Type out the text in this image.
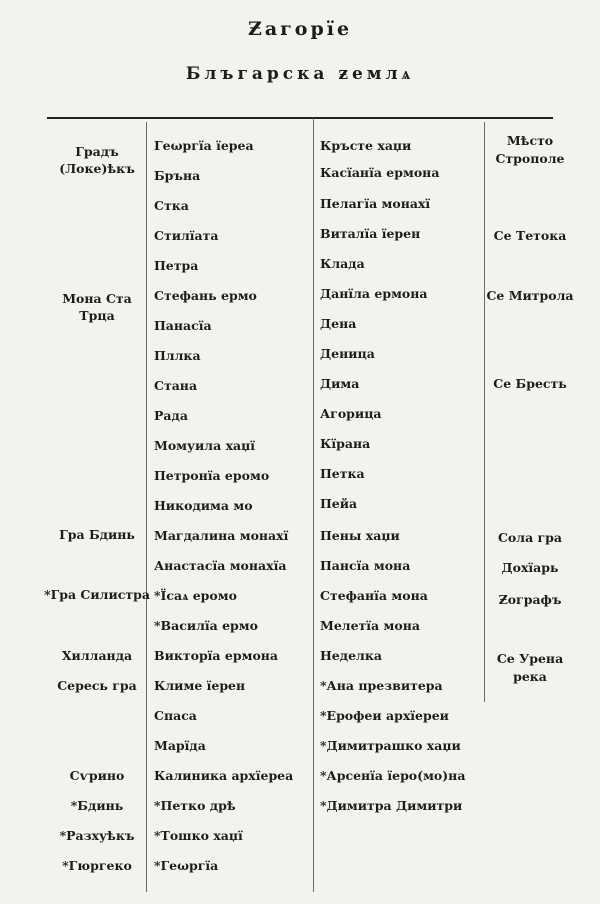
Ƶагорїе
Блъгарска ƶемлѧ
Градъ
(Локе)ѣкъ
Мона Ста
Трца
Гра Бдинь
*Гра Силистра
Хилланда
Сересь гра
Сѵрино
*Бдинь
*Разхуѣкъ
*Гюргеко
Геωргїа їереа
Бръна
Стка
Стилїата
Петра
Стефань ермо
Панасїа
Пллка
Стана
Рада
Момуила хаџї
Петронїа еромо
Никодима мо
Магдалина монахї
Анастасїа монахїа
*Їсаѧ еромо
*Василїа ермо
Викторїа ермона
Климе їерен
Спаса
Марїда
Калиника архїереа
*Петко дрѣ
*Тошко хаџї
*Геωргїа
Кръсте хаџи
Касїанїа ермона
Пелагїа монахї
Виталїа їерен
Клада
Данїла ермона
Дена
Деница
Дима
Агорица
Кїрана
Петка
Пейа
Пены хаџи
Пансїа мона
Стефанїа мона
Мелетїа мона
Неделка
*Ана презвитера
*Ерофеи архїереи
*Димитрашко хаџи
*Арсенїа їеро(мо)на
*Димитра Димитри
Мѣсто
Строполе
Се Тетока
Се Митрола
Се Бресть
Сола гра
Дохїарь
Ƶографъ
Се Урена
река
